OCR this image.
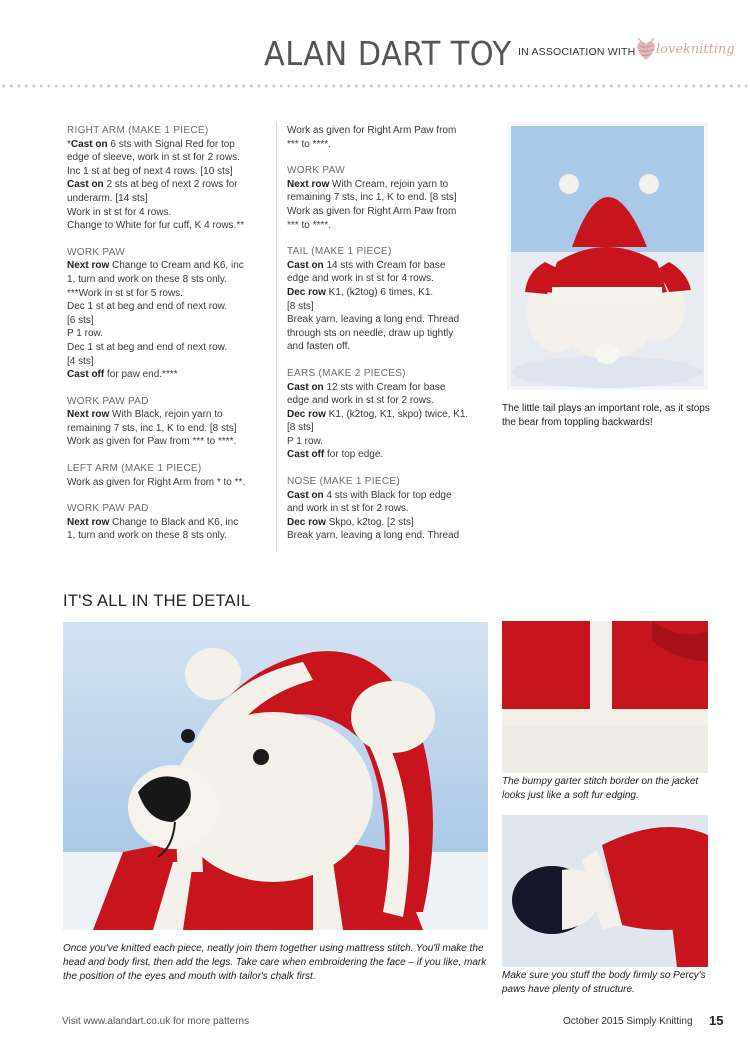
ALAN DART TOY IN ASSOCIATION WITH loveknitting
RIGHT ARM (MAKE 1 PIECE)
*Cast on 6 sts with Signal Red for top
edge of sleeve, work in st st for 2 rows.
Inc 1 st at beg of next 4 rows. [10 sts]
Cast on 2 sts at beg of next 2 rows for
underarm. [14 sts]
Work in st st for 4 rows.
Change to White for fur cuff, K 4 rows.**
WORK PAW
Next row Change to Cream and K6, inc
1, turn and work on these 8 sts only.
***Work in st st for 5 rows.
Dec 1 st at beg and end of next row.
[6 sts]
P 1 row.
Dec 1 st at beg and end of next row.
[4 sts]
Cast off for paw end.****
WORK PAW PAD
Next row With Black, rejoin yarn to
remaining 7 sts, inc 1, K to end. [8 sts]
Work as given for Paw from *** to ****.
LEFT ARM (MAKE 1 PIECE)
Work as given for Right Arm from * to **.
WORK PAW PAD
Next row Change to Black and K6, inc
1, turn and work on these 8 sts only.
Work as given for Right Arm Paw from
*** to ****.
WORK PAW
Next row With Cream, rejoin yarn to
remaining 7 sts, inc 1, K to end. [8 sts]
Work as given for Right Arm Paw from
*** to ****.
TAIL (MAKE 1 PIECE)
Cast on 14 sts with Cream for base
edge and work in st st for 4 rows.
Dec row K1, (k2tog) 6 times, K1.
[8 sts]
Break yarn, leaving a long end. Thread
through sts on needle, draw up tightly
and fasten off.
EARS (MAKE 2 PIECES)
Cast on 12 sts with Cream for base
edge and work in st st for 2 rows.
Dec row K1, (k2tog, K1, skpo) twice, K1.
[8 sts]
P 1 row.
Cast off for top edge.
NOSE (MAKE 1 PIECE)
Cast on 4 sts with Black for top edge
and work in st st for 2 rows.
Dec row Skpo, k2tog. [2 sts]
Break yarn, leaving a long end. Thread
The little tail plays an important role, as it stops the bear from toppling backwards!
IT'S ALL IN THE DETAIL
Once you've knitted each piece, neatly join them together using mattress stitch. You'll make the head and body first, then add the legs. Take care when embroidering the face – if you like, mark the position of the eyes and mouth with tailor's chalk first.
The bumpy garter stitch border on the jacket looks just like a soft fur edging.
Make sure you stuff the body firmly so Percy's paws have plenty of structure.
Visit www.alandart.co.uk for more patterns	October 2015 Simply Knitting 15
